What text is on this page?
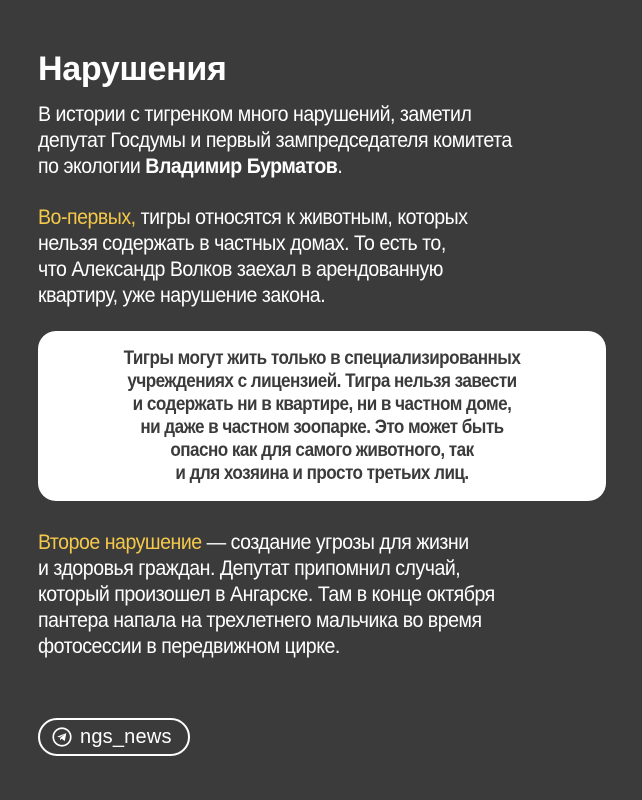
Нарушения
В истории с тигренком много нарушений, заметил
депутат Госдумы и первый зампредседателя комитета
по экологии Владимир Бурматов.
Во-первых, тигры относятся к животным, которых
нельзя содержать в частных домах. То есть то,
что Александр Волков заехал в арендованную
квартиру, уже нарушение закона.
Тигры могут жить только в специализированных
учреждениях с лицензией. Тигра нельзя завести
и содержать ни в квартире, ни в частном доме,
ни даже в частном зоопарке. Это может быть
опасно как для самого животного, так
и для хозяина и просто третьих лиц.
Второе нарушение — создание угрозы для жизни
и здоровья граждан. Депутат припомнил случай,
который произошел в Ангарске. Там в конце октября
пантера напала на трехлетнего мальчика во время
фотосессии в передвижном цирке.
ngs_news
